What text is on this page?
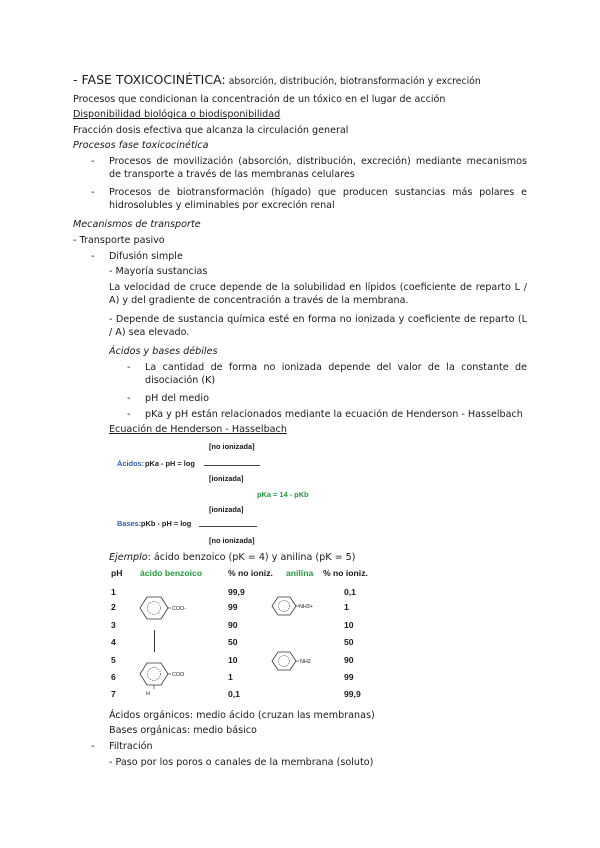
- FASE TOXICOCINÉTICA: absorción, distribución, biotransformación y excreción
Procesos que condicionan la concentración de un tóxico en el lugar de acción
Disponibilidad biológica o biodisponibilidad
Fracción dosis efectiva que alcanza la circulación general
Procesos fase toxicocinética
- Procesos de movilización (absorción, distribución, excreción) mediante mecanismos de transporte a través de las membranas celulares
- Procesos de biotransformación (hígado) que producen sustancias más polares e hidrosolubles y eliminables por excreción renal
Mecanismos de transporte
- Transporte pasivo
- Difusión simple
- Mayoría sustancias
La velocidad de cruce depende de la solubilidad en lípidos (coeficiente de reparto L / A) y del gradiente de concentración a través de la membrana.
- Depende de sustancia química esté en forma no ionizada y coeficiente de reparto (L / A) sea elevado.
Ácidos y bases débiles
- La cantidad de forma no ionizada depende del valor de la constante de disociación (K)
- pH del medio
- pKa y pH están relacionados mediante la ecuación de Henderson - Hasselbach
Ecuación de Henderson - Hasselbach
[no ionizada]
Ácidos: pKa - pH = log
[ionizada]
pKa = 14 - pKb
[ionizada]
Bases: pKb - pH = log
[no ionizada]
Ejemplo: ácido benzoico (pK = 4) y anilina (pK = 5)
pH ácido benzoico	% no ioniz. anilina % no ioniz.
1	99,9	0,1
2	99	1
3	90	10
4	50	50
5	10	90
6	1	99
7	0,1	99,9
COO-
COO
H
NH3+
NH2
Ácidos orgánicos: medio ácido (cruzan las membranas)
Bases orgánicas: medio básico
- Filtración
- Paso por los poros o canales de la membrana (soluto)
